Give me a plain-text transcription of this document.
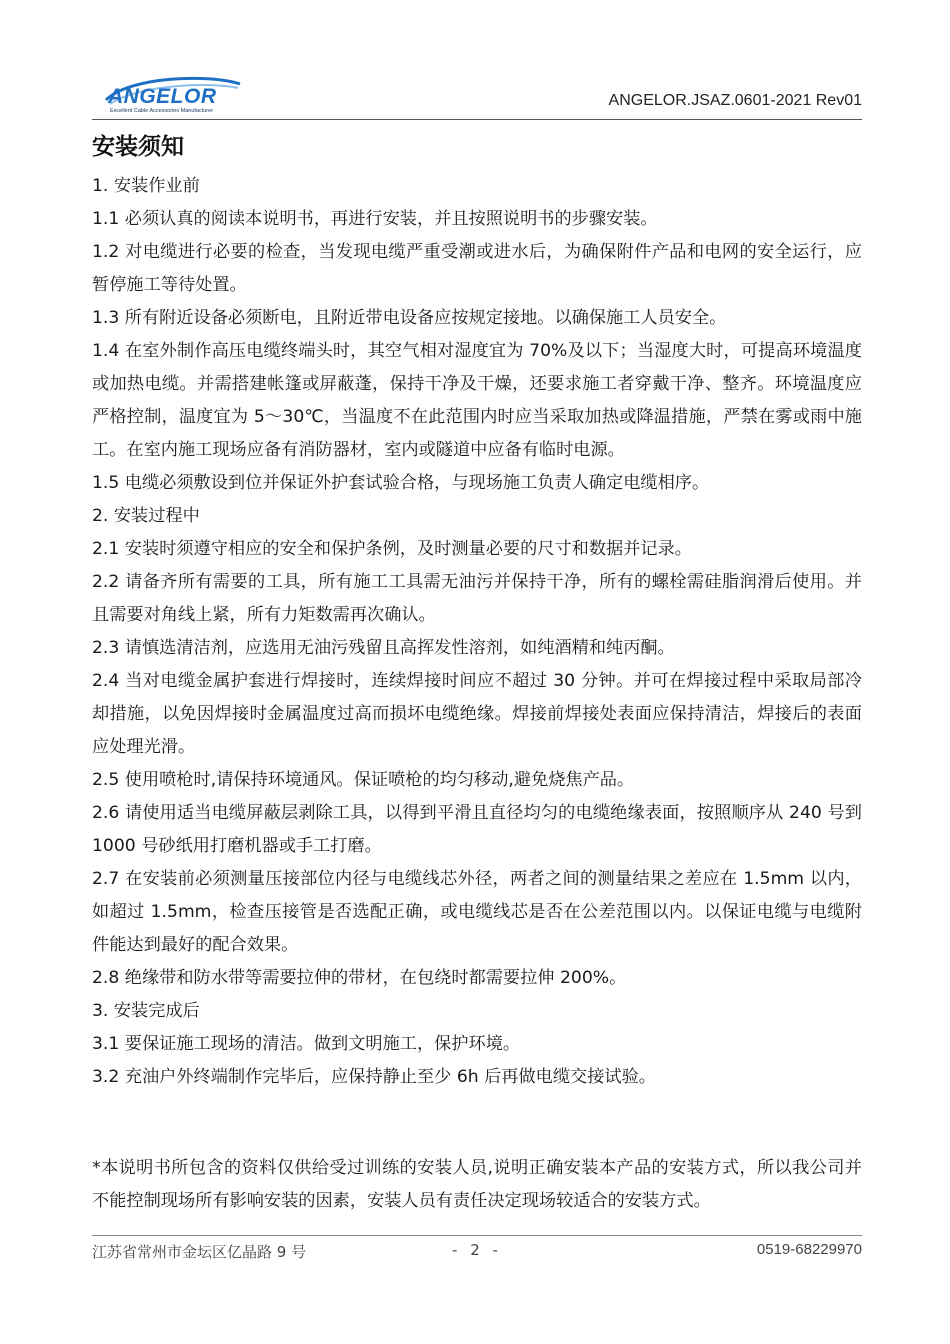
ANGELOR
Excellent Cable Accessories Manufacturer
ANGELOR.JSAZ.0601-2021 Rev01
安装须知

1. 安装作业前

1.1 必须认真的阅读本说明书，再进行安装，并且按照说明书的步骤安装。

1.2 对电缆进行必要的检查，当发现电缆严重受潮或进水后，为确保附件产品和电网的安全运行，应暂停施工等待处置。

1.3 所有附近设备必须断电，且附近带电设备应按规定接地。以确保施工人员安全。

1.4 在室外制作高压电缆终端头时，其空气相对湿度宜为 70%及以下；当湿度大时，可提高环境温度或加热电缆。并需搭建帐篷或屏蔽蓬，保持干净及干燥，还要求施工者穿戴干净、整齐。环境温度应严格控制，温度宜为 5～30℃，当温度不在此范围内时应当采取加热或降温措施，严禁在雾或雨中施工。在室内施工现场应备有消防器材，室内或隧道中应备有临时电源。

1.5 电缆必须敷设到位并保证外护套试验合格，与现场施工负责人确定电缆相序。

2. 安装过程中

2.1 安装时须遵守相应的安全和保护条例，及时测量必要的尺寸和数据并记录。

2.2 请备齐所有需要的工具，所有施工工具需无油污并保持干净，所有的螺栓需硅脂润滑后使用。并且需要对角线上紧，所有力矩数需再次确认。

2.3 请慎选清洁剂，应选用无油污残留且高挥发性溶剂，如纯酒精和纯丙酮。

2.4 当对电缆金属护套进行焊接时，连续焊接时间应不超过 30 分钟。并可在焊接过程中采取局部冷却措施，以免因焊接时金属温度过高而损坏电缆绝缘。焊接前焊接处表面应保持清洁，焊接后的表面应处理光滑。

2.5 使用喷枪时,请保持环境通风。保证喷枪的均匀移动,避免烧焦产品。

2.6 请使用适当电缆屏蔽层剥除工具，以得到平滑且直径均匀的电缆绝缘表面，按照顺序从 240 号到 1000 号砂纸用打磨机器或手工打磨。

2.7 在安装前必须测量压接部位内径与电缆线芯外径，两者之间的测量结果之差应在 1.5mm 以内，如超过 1.5mm，检查压接管是否选配正确，或电缆线芯是否在公差范围以内。以保证电缆与电缆附件能达到最好的配合效果。

2.8 绝缘带和防水带等需要拉伸的带材，在包绕时都需要拉伸 200%。

3. 安装完成后

3.1 要保证施工现场的清洁。做到文明施工，保护环境。

3.2 充油户外终端制作完毕后，应保持静止至少 6h 后再做电缆交接试验。

*本说明书所包含的资料仅供给受过训练的安装人员,说明正确安装本产品的安装方式，所以我公司并不能控制现场所有影响安装的因素，安装人员有责任决定现场较适合的安装方式。

江苏省常州市金坛区亿晶路 9 号	- 2 -	0519-68229970
